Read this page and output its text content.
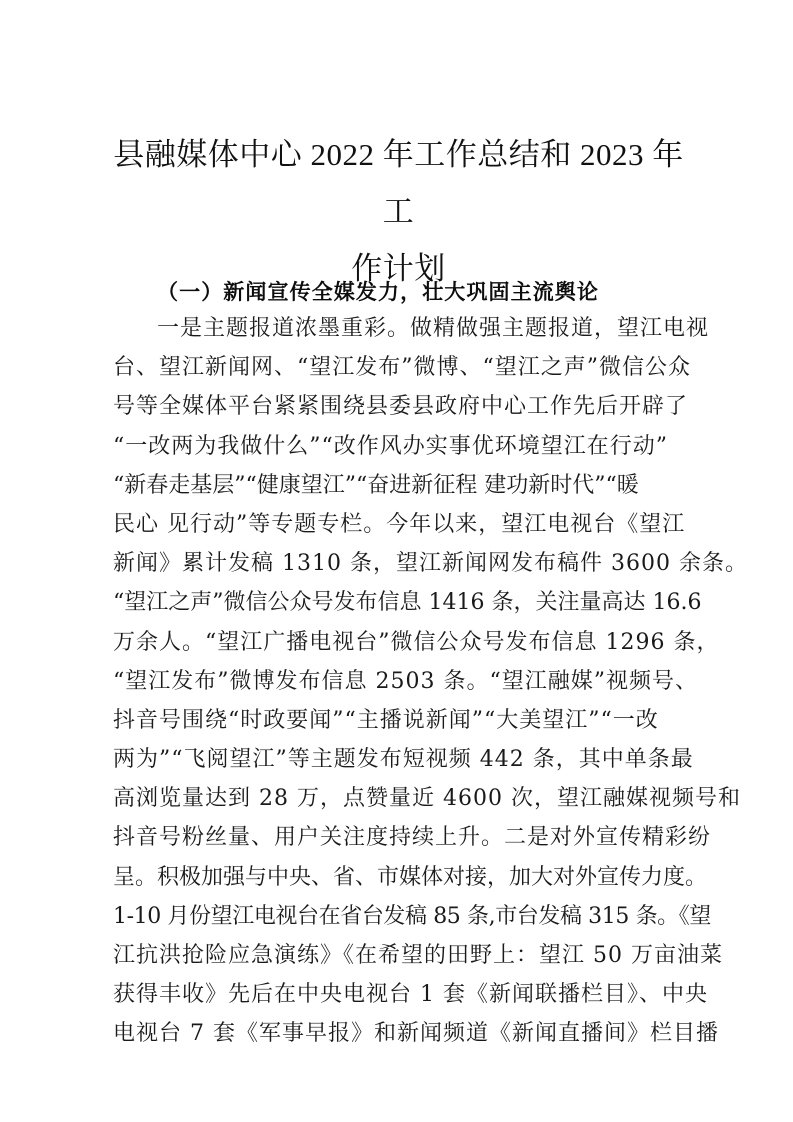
县融媒体中心 2022 年工作总结和 2023 年工
作计划
（一）新闻宣传全媒发力，壮大巩固主流舆论
一是主题报道浓墨重彩。做精做强主题报道，望江电视
台、望江新闻网、“望江发布”微博、“望江之声”微信公众
号等全媒体平台紧紧围绕县委县政府中心工作先后开辟了
“一改两为我做什么”“改作风办实事优环境望江在行动”
“新春走基层”“健康望江”“奋进新征程 建功新时代”“暖
民心 见行动”等专题专栏。今年以来，望江电视台《望江
新闻》累计发稿 1310 条，望江新闻网发布稿件 3600 余条。
“望江之声”微信公众号发布信息 1416 条，关注量高达 16.6
万余人。“望江广播电视台”微信公众号发布信息 1296 条，
“望江发布”微博发布信息 2503 条。“望江融媒”视频号、
抖音号围绕“时政要闻”“主播说新闻”“大美望江”“一改
两为”“飞阅望江”等主题发布短视频 442 条，其中单条最
高浏览量达到 28 万，点赞量近 4600 次，望江融媒视频号和
抖音号粉丝量、用户关注度持续上升。二是对外宣传精彩纷
呈。积极加强与中央、省、市媒体对接，加大对外宣传力度。
1-10 月份望江电视台在省台发稿 85 条,市台发稿 315 条。《望
江抗洪抢险应急演练》《在希望的田野上：望江 50 万亩油菜
获得丰收》先后在中央电视台 1 套《新闻联播栏目》、中央
电视台 7 套《军事早报》和新闻频道《新闻直播间》栏目播
